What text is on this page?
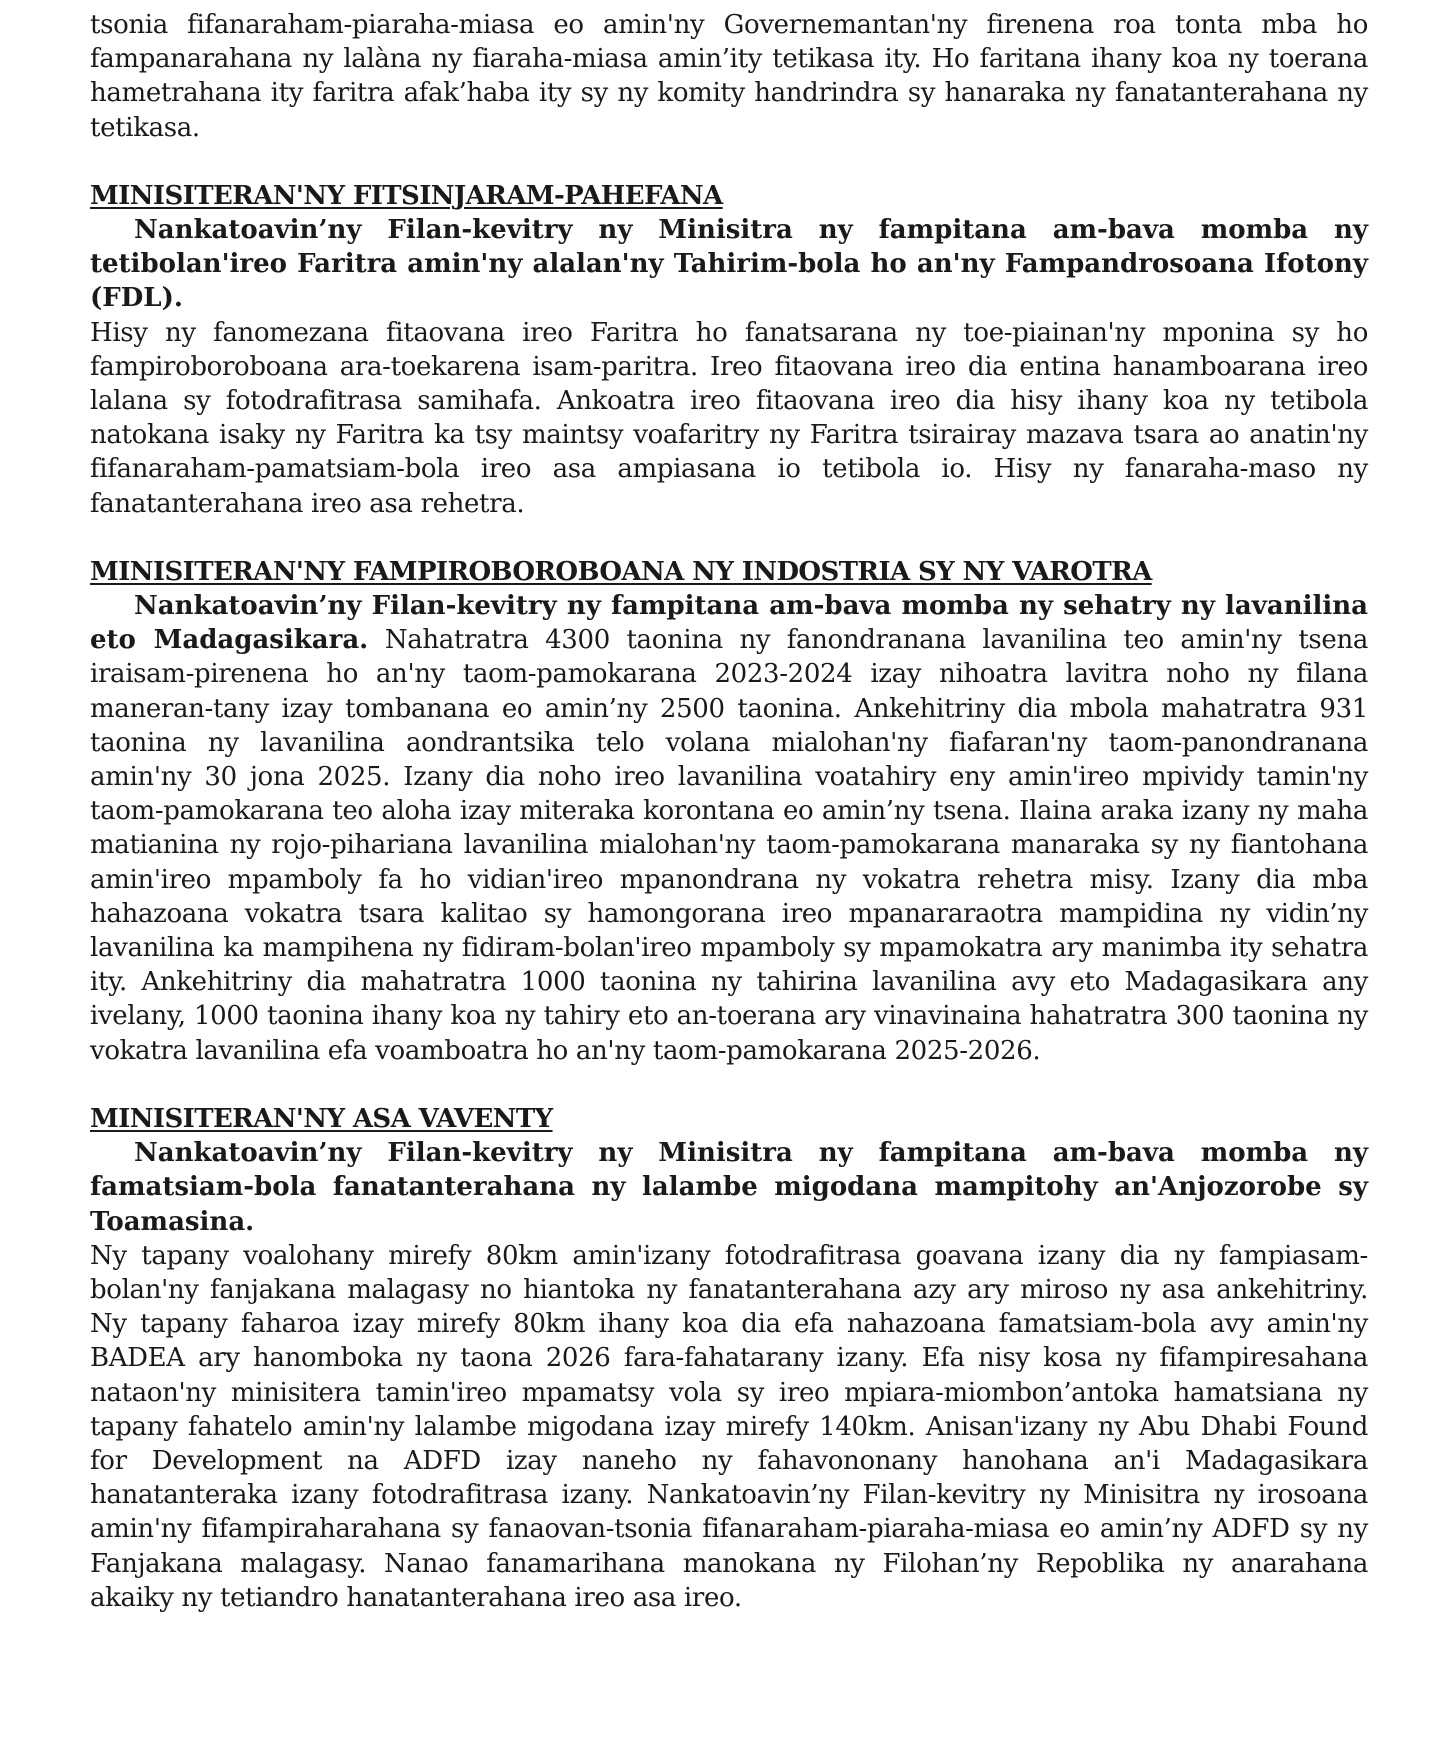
tsonia fifanaraham-piaraha-miasa eo amin'ny Governemantan'ny firenena roa tonta mba ho fampanarahana ny lalàna ny fiaraha-miasa amin’ity tetikasa ity. Ho faritana ihany koa ny toerana hametrahana ity faritra afak’haba ity sy ny komity handrindra sy hanaraka ny fanatanterahana ny tetikasa.

MINISITERAN'NY FITSINJARAM-PAHEFANA

Nankatoavin’ny Filan-kevitry ny Minisitra ny fampitana am-bava momba ny tetibolan'ireo Faritra amin'ny alalan'ny Tahirim-bola ho an'ny Fampandrosoana Ifotony (FDL).

Hisy ny fanomezana fitaovana ireo Faritra ho fanatsarana ny toe-piainan'ny mponina sy ho fampiroboroboana ara-toekarena isam-paritra. Ireo fitaovana ireo dia entina hanamboarana ireo lalana sy fotodrafitrasa samihafa. Ankoatra ireo fitaovana ireo dia hisy ihany koa ny tetibola natokana isaky ny Faritra ka tsy maintsy voafaritry ny Faritra tsirairay mazava tsara ao anatin'ny fifanaraham-pamatsiam-bola ireo asa ampiasana io tetibola io. Hisy ny fanaraha-maso ny fanatanterahana ireo asa rehetra.

MINISITERAN'NY FAMPIROBOROBOANA NY INDOSTRIA SY NY VAROTRA

Nankatoavin’ny Filan-kevitry ny fampitana am-bava momba ny sehatry ny lavanilina eto Madagasikara. Nahatratra 4300 taonina ny fanondranana lavanilina teo amin'ny tsena iraisam-pirenena ho an'ny taom-pamokarana 2023-2024 izay nihoatra lavitra noho ny filana maneran-tany izay tombanana eo amin’ny 2500 taonina. Ankehitriny dia mbola mahatratra 931 taonina ny lavanilina aondrantsika telo volana mialohan'ny fiafaran'ny taom-panondranana amin'ny 30 jona 2025. Izany dia noho ireo lavanilina voatahiry eny amin'ireo mpividy tamin'ny taom-pamokarana teo aloha izay miteraka korontana eo amin’ny tsena. Ilaina araka izany ny maha matianina ny rojo-pihariana lavanilina mialohan'ny taom-pamokarana manaraka sy ny fiantohana amin'ireo mpamboly fa ho vidian'ireo mpanondrana ny vokatra rehetra misy. Izany dia mba hahazoana vokatra tsara kalitao sy hamongorana ireo mpanararaotra mampidina ny vidin’ny lavanilina ka mampihena ny fidiram-bolan'ireo mpamboly sy mpamokatra ary manimba ity sehatra ity. Ankehitriny dia mahatratra 1000 taonina ny tahirina lavanilina avy eto Madagasikara any ivelany, 1000 taonina ihany koa ny tahiry eto an-toerana ary vinavinaina hahatratra 300 taonina ny vokatra lavanilina efa voamboatra ho an'ny taom-pamokarana 2025-2026.

MINISITERAN'NY ASA VAVENTY

Nankatoavin’ny Filan-kevitry ny Minisitra ny fampitana am-bava momba ny famatsiam-bola fanatanterahana ny lalambe migodana mampitohy an'Anjozorobe sy Toamasina.

Ny tapany voalohany mirefy 80km amin'izany fotodrafitrasa goavana izany dia ny fampiasam-bolan'ny fanjakana malagasy no hiantoka ny fanatanterahana azy ary miroso ny asa ankehitriny. Ny tapany faharoa izay mirefy 80km ihany koa dia efa nahazoana famatsiam-bola avy amin'ny BADEA ary hanomboka ny taona 2026 fara-fahatarany izany. Efa nisy kosa ny fifampiresahana nataon'ny minisitera tamin'ireo mpamatsy vola sy ireo mpiara-miombon’antoka hamatsiana ny tapany fahatelo amin'ny lalambe migodana izay mirefy 140km. Anisan'izany ny Abu Dhabi Found for Development na ADFD izay naneho ny fahavononany hanohana an'i Madagasikara hanatanteraka izany fotodrafitrasa izany. Nankatoavin’ny Filan-kevitry ny Minisitra ny irosoana amin'ny fifampiraharahana sy fanaovan-tsonia fifanaraham-piaraha-miasa eo amin’ny ADFD sy ny Fanjakana malagasy. Nanao fanamarihana manokana ny Filohan’ny Repoblika ny anarahana akaiky ny tetiandro hanatanterahana ireo asa ireo.
